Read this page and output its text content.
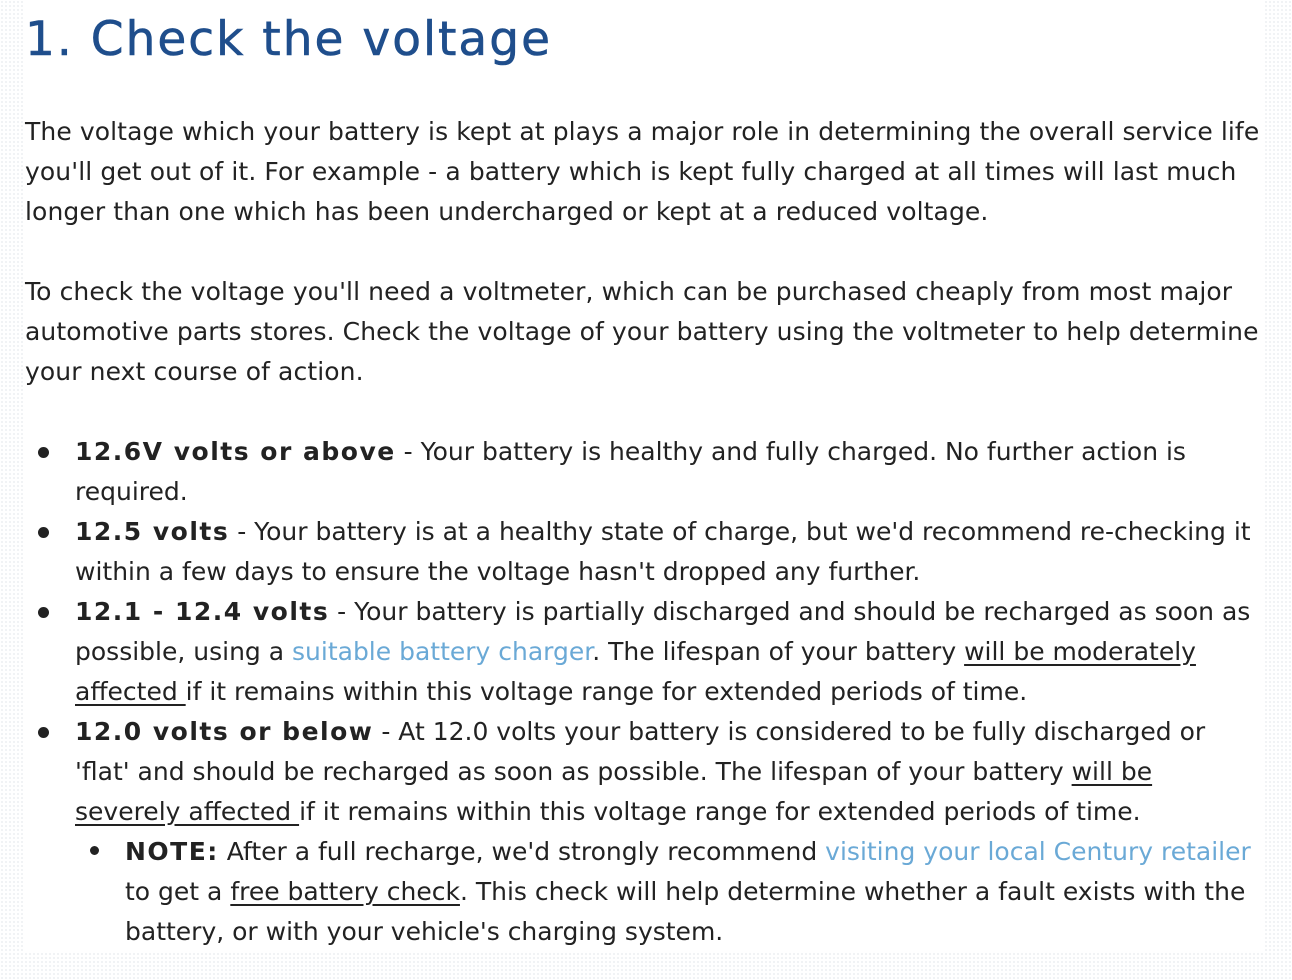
1. Check the voltage

The voltage which your battery is kept at plays a major role in determining the overall service life you'll get out of it. For example - a battery which is kept fully charged at all times will last much longer than one which has been undercharged or kept at a reduced voltage.

To check the voltage you'll need a voltmeter, which can be purchased cheaply from most major automotive parts stores. Check the voltage of your battery using the voltmeter to help determine your next course of action.

12.6V volts or above - Your battery is healthy and fully charged. No further action is required.
12.5 volts - Your battery is at a healthy state of charge, but we'd recommend re-checking it within a few days to ensure the voltage hasn't dropped any further.
12.1 - 12.4 volts - Your battery is partially discharged and should be recharged as soon as possible, using a suitable battery charger. The lifespan of your battery will be moderately affected if it remains within this voltage range for extended periods of time.
12.0 volts or below - At 12.0 volts your battery is considered to be fully discharged or 'flat' and should be recharged as soon as possible. The lifespan of your battery will be severely affected if it remains within this voltage range for extended periods of time.
NOTE: After a full recharge, we'd strongly recommend visiting your local Century retailer to get a free battery check. This check will help determine whether a fault exists with the battery, or with your vehicle's charging system.
